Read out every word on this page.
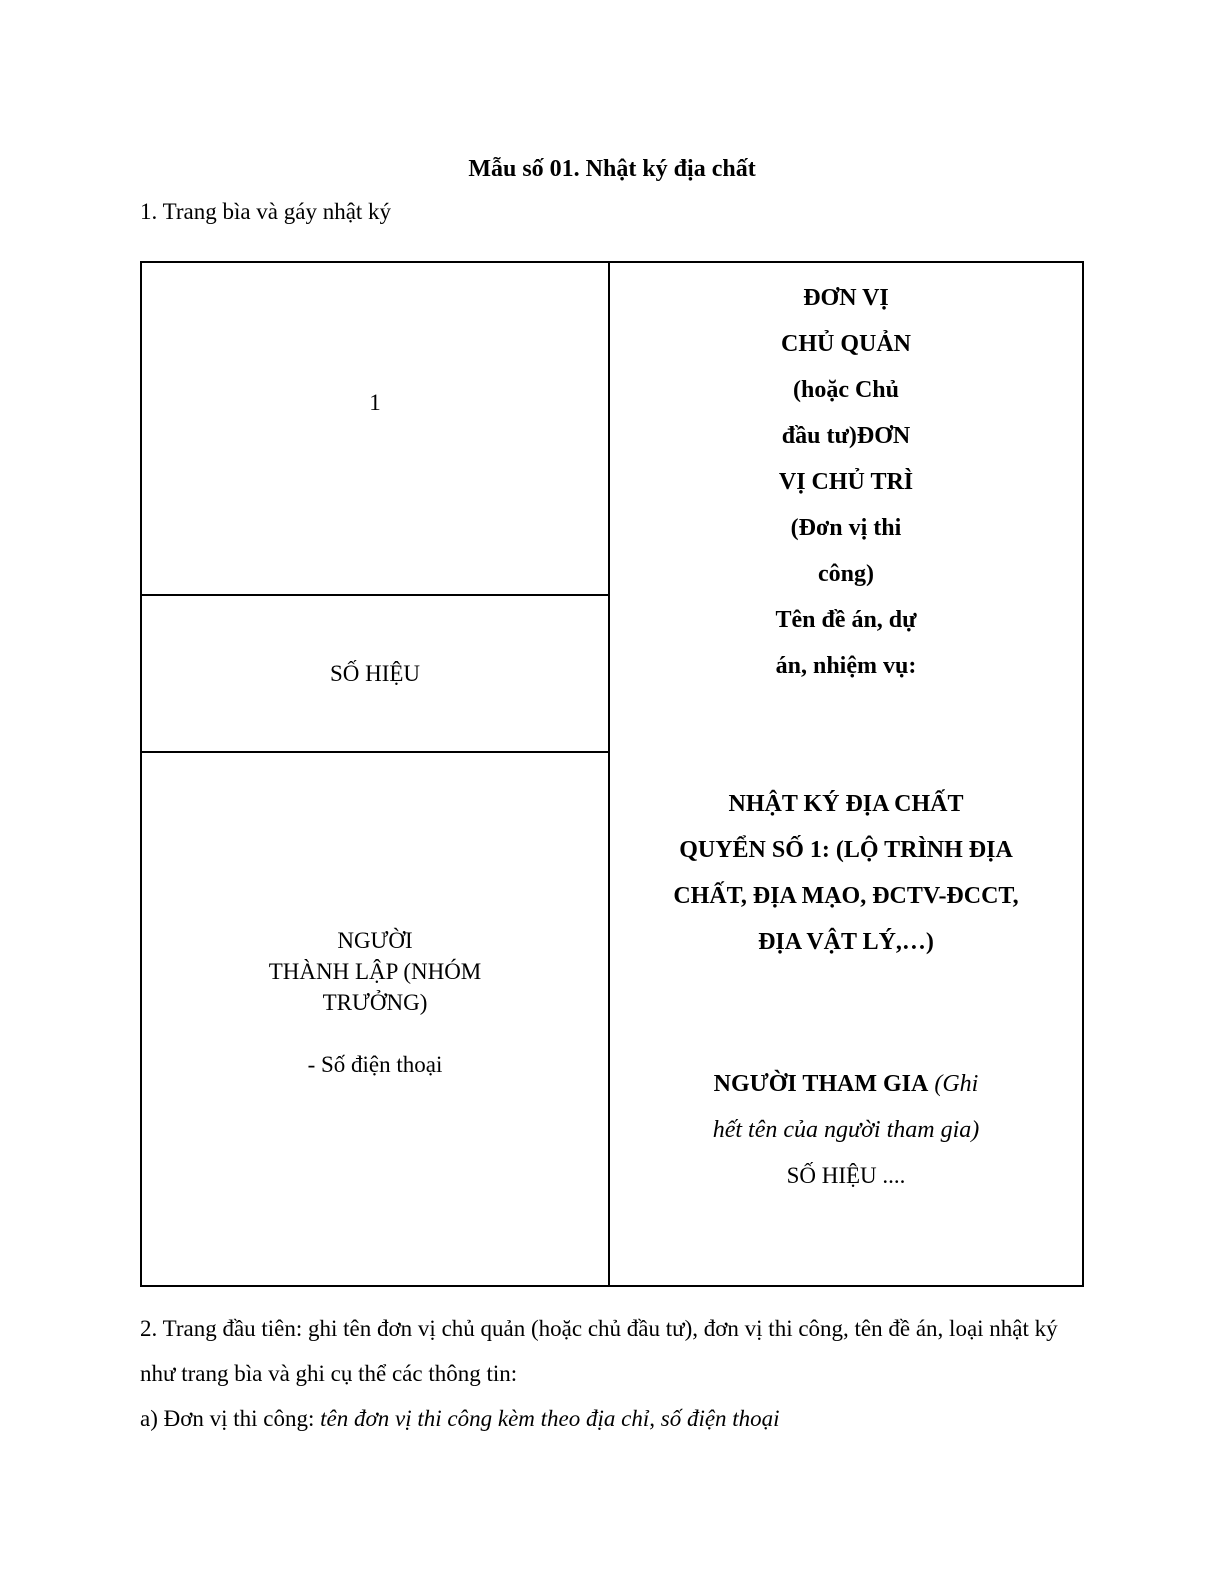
Mẫu số 01. Nhật ký địa chất

1. Trang bìa và gáy nhật ký

1
SỐ HIỆU
NGƯỜI
THÀNH LẬP (NHÓM
TRƯỞNG)
- Số điện thoại
ĐƠN VỊ
CHỦ QUẢN
(hoặc Chủ
đầu tư)ĐƠN
VỊ CHỦ TRÌ
(Đơn vị thi
công)
Tên đề án, dự
án, nhiệm vụ:
NHẬT KÝ ĐỊA CHẤT
QUYỂN SỐ 1: (LỘ TRÌNH ĐỊA
CHẤT, ĐỊA MẠO, ĐCTV-ĐCCT,
ĐỊA VẬT LÝ,…)
NGƯỜI THAM GIA (Ghi
hết tên của người tham gia)
SỐ HIỆU ....

2. Trang đầu tiên: ghi tên đơn vị chủ quản (hoặc chủ đầu tư), đơn vị thi công, tên đề án, loại nhật ký như trang bìa và ghi cụ thể các thông tin:

a) Đơn vị thi công: tên đơn vị thi công kèm theo địa chỉ, số điện thoại
